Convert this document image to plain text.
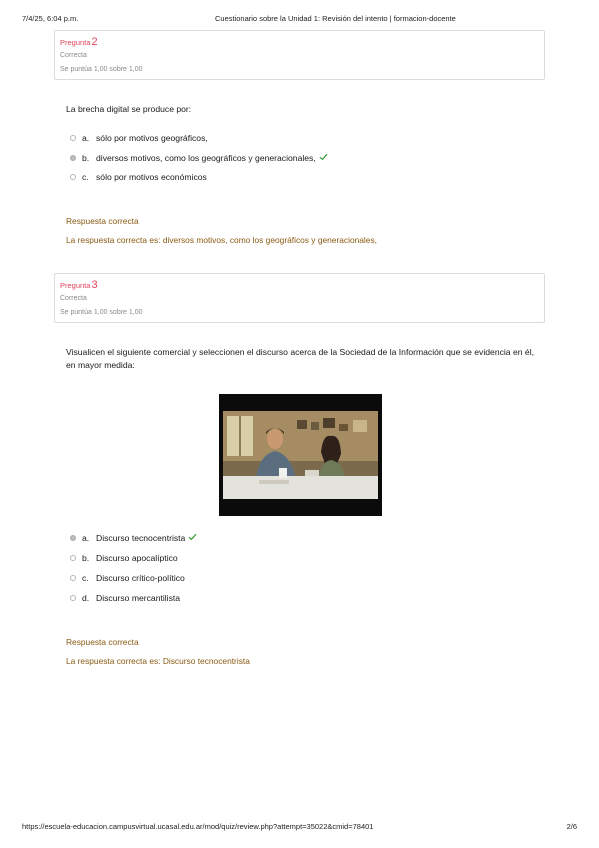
7/4/25, 6:04 p.m.	Cuestionario sobre la Unidad 1: Revisión del intento | formacion-docente
Pregunta2
Correcta
Se puntúa 1,00 sobre 1,00
La brecha digital se produce por:
a. sólo por motivos geográficos,
b. diversos motivos, como los geográficos y generacionales,
c. sólo por motivos económicos
Respuesta correcta
La respuesta correcta es: diversos motivos, como los geográficos y generacionales,
Pregunta3
Correcta
Se puntúa 1,00 sobre 1,00
Visualicen el siguiente comercial y seleccionen el discurso acerca de la Sociedad de la Información que se evidencia en él, en mayor medida:
a. Discurso tecnocentrista
b. Discurso apocalíptico
c. Discurso crítico-político
d. Discurso mercantilista
Respuesta correcta
La respuesta correcta es: Discurso tecnocentrista
https://escuela-educacion.campusvirtual.ucasal.edu.ar/mod/quiz/review.php?attempt=35022&cmid=78401	2/6
